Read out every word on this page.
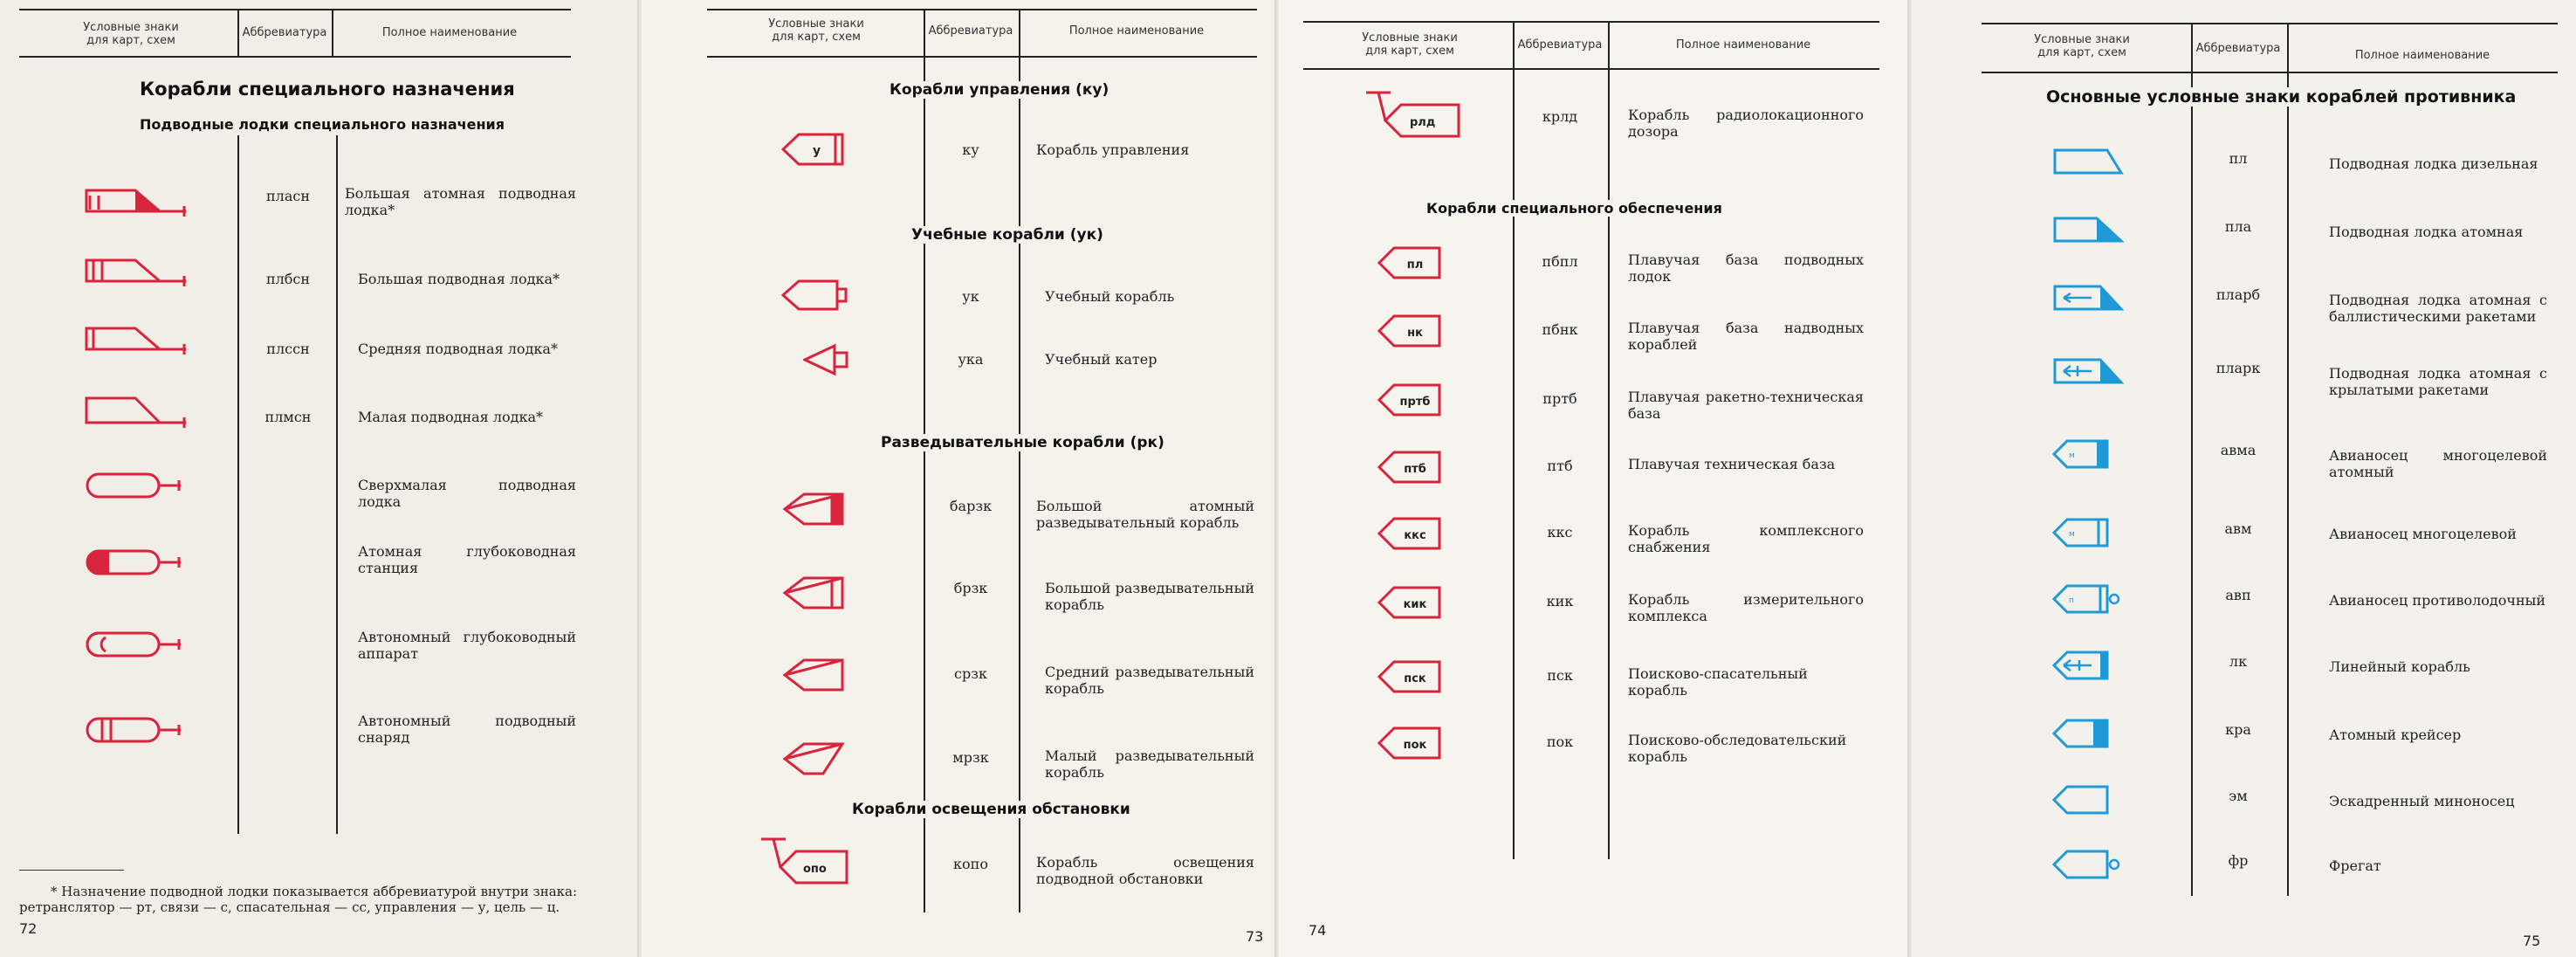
Условные знаки
для карт, схем
Аббревиатура	Полное наименование
Корабли специального назначения
Подводные лодки специального назначения
пласн	Большая атомная подводная лодка*
плбсн	Большая подводная лодка*
плсcн	Средняя подводная лодка*
плмсн	Малая подводная лодка*
Сверхмалая подводная лодка
Атомная глубоководная станция
Автономный глубоководный аппарат
Автономный подводный снаряд
* Назначение подводной лодки показывается аббревиатурой внутри знака: ретранслятор — рт, связи — с, спасательная — сс, управления — у, цель — ц.
72
Условные знаки
для карт, схем	Аббревиатура	Полное наименование
Корабли управления (ку)
у	ку	Корабль управления
Учебные корабли (ук)
ук	Учебный корабль
ука	Учебный катер
Разведывательные корабли (рк)
барзк	Большой атомный разведывательный корабль
брзк	Большой разведывательный корабль
срзк	Средний разведывательный корабль
мрзк	Малый разведывательный корабль
Корабли освещения обстановки
опо	копо	Корабль освещения подводной обстановки
73
Условные знаки
для карт, схем	Аббревиатура	Полное наименование
рлд	крлд	Корабль радиолокационного дозора
Корабли специального обеспечения
пл	пбпл	Плавучая база подводных лодок
нк	пбнк	Плавучая база надводных кораблей
пртб	пртб	Плавучая ракетно-техническая база
птб	птб	Плавучая техническая база
ккс	ккс	Корабль комплексного снабжения
кик	кик	Корабль измерительного комплекса
пск	пск	Поисково-спасательный корабль
пок	пок	Поисково-обследовательский корабль
74
Условные знаки
для карт, схем	Аббревиатура
Полное наименование
Основные условные знаки кораблей противника
пл	Подводная лодка дизельная
пла	Подводная лодка атомная
пларб	Подводная лодка атомная с баллистическими ракетами
пларк	Подводная лодка атомная с крылатыми ракетами
м	авма	Авианосец многоцелевой атомный
м	авм	Авианосец многоцелевой
п	авп	Авианосец противолодочный
лк	Линейный корабль
кра	Атомный крейсер
эм	Эскадренный миноносец
фр	Фрегат
75
